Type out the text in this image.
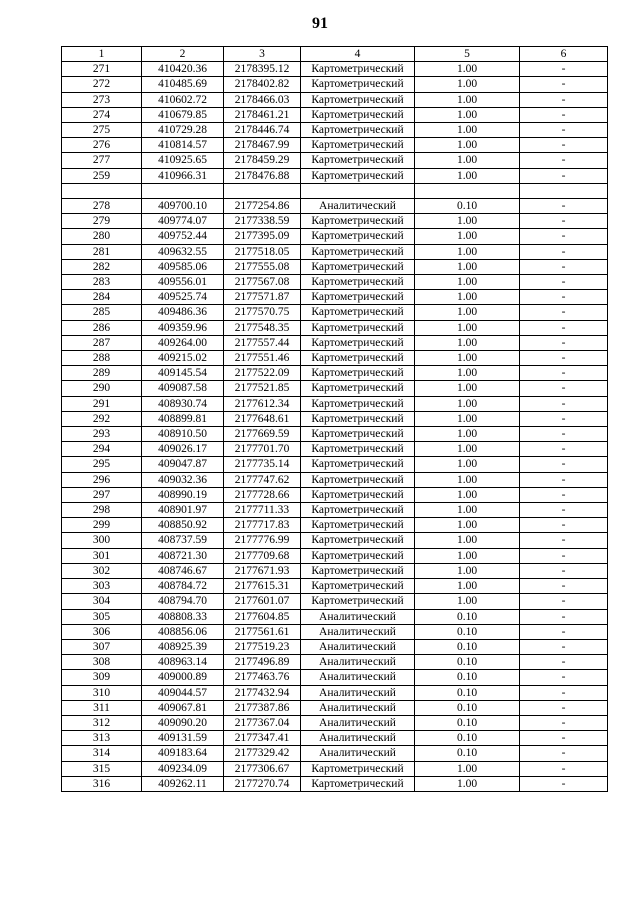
91
1	2	3	4	5	6
271	410420.36	2178395.12	Картометрический	1.00	-
272	410485.69	2178402.82	Картометрический	1.00	-
273	410602.72	2178466.03	Картометрический	1.00	-
274	410679.85	2178461.21	Картометрический	1.00	-
275	410729.28	2178446.74	Картометрический	1.00	-
276	410814.57	2178467.99	Картометрический	1.00	-
277	410925.65	2178459.29	Картометрический	1.00	-
259	410966.31	2178476.88	Картометрический	1.00	-

278	409700.10	2177254.86	Аналитический	0.10	-
279	409774.07	2177338.59	Картометрический	1.00	-
280	409752.44	2177395.09	Картометрический	1.00	-
281	409632.55	2177518.05	Картометрический	1.00	-
282	409585.06	2177555.08	Картометрический	1.00	-
283	409556.01	2177567.08	Картометрический	1.00	-
284	409525.74	2177571.87	Картометрический	1.00	-
285	409486.36	2177570.75	Картометрический	1.00	-
286	409359.96	2177548.35	Картометрический	1.00	-
287	409264.00	2177557.44	Картометрический	1.00	-
288	409215.02	2177551.46	Картометрический	1.00	-
289	409145.54	2177522.09	Картометрический	1.00	-
290	409087.58	2177521.85	Картометрический	1.00	-
291	408930.74	2177612.34	Картометрический	1.00	-
292	408899.81	2177648.61	Картометрический	1.00	-
293	408910.50	2177669.59	Картометрический	1.00	-
294	409026.17	2177701.70	Картометрический	1.00	-
295	409047.87	2177735.14	Картометрический	1.00	-
296	409032.36	2177747.62	Картометрический	1.00	-
297	408990.19	2177728.66	Картометрический	1.00	-
298	408901.97	2177711.33	Картометрический	1.00	-
299	408850.92	2177717.83	Картометрический	1.00	-
300	408737.59	2177776.99	Картометрический	1.00	-
301	408721.30	2177709.68	Картометрический	1.00	-
302	408746.67	2177671.93	Картометрический	1.00	-
303	408784.72	2177615.31	Картометрический	1.00	-
304	408794.70	2177601.07	Картометрический	1.00	-
305	408808.33	2177604.85	Аналитический	0.10	-
306	408856.06	2177561.61	Аналитический	0.10	-
307	408925.39	2177519.23	Аналитический	0.10	-
308	408963.14	2177496.89	Аналитический	0.10	-
309	409000.89	2177463.76	Аналитический	0.10	-
310	409044.57	2177432.94	Аналитический	0.10	-
311	409067.81	2177387.86	Аналитический	0.10	-
312	409090.20	2177367.04	Аналитический	0.10	-
313	409131.59	2177347.41	Аналитический	0.10	-
314	409183.64	2177329.42	Аналитический	0.10	-
315	409234.09	2177306.67	Картометрический	1.00	-
316	409262.11	2177270.74	Картометрический	1.00	-
